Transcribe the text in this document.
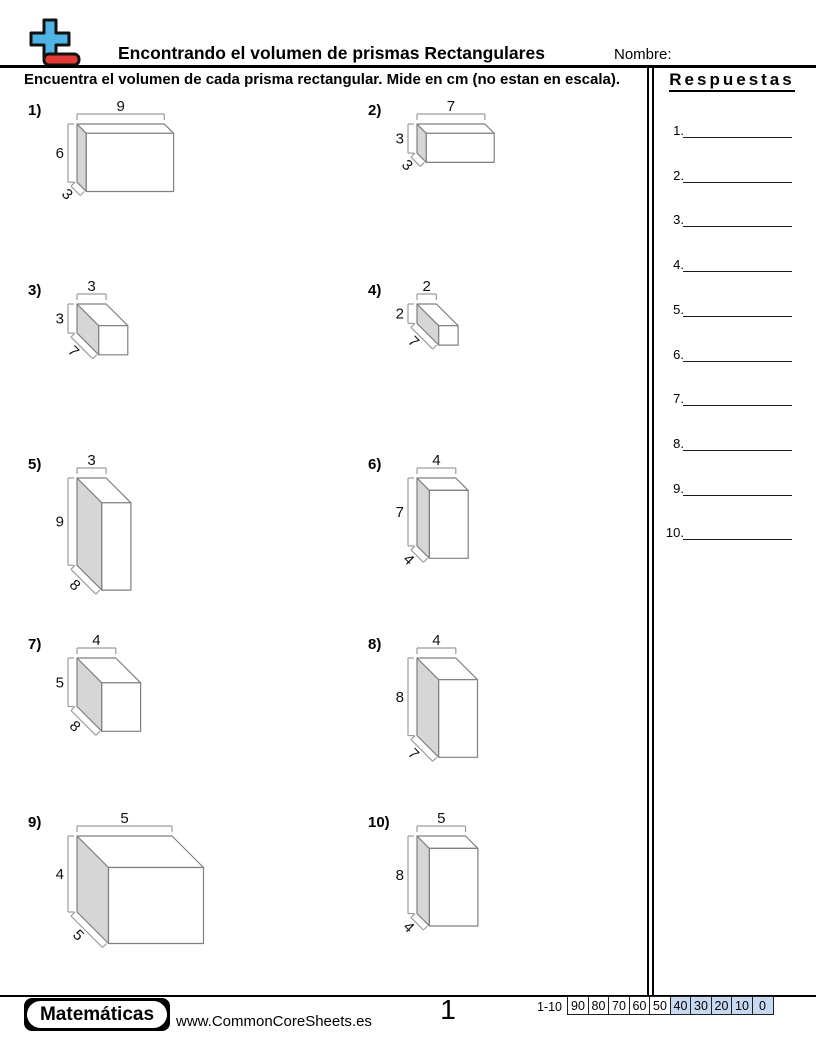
Encontrando el volumen de prismas Rectangulares	Nombre:
Encuentra el volumen de cada prisma rectangular. Mide en cm (no estan en escala).	Respuestas
1.
2.
3.
4.
5.
6.
7.
8.
9.
10.
1)	9
6
3
2)	7
3
3
3)	3
3
7
4)	2
2
7
5)	3
9
8
6)	4
7
4
7)	4
5
8
8)	4
8
7
9)	5
4
5
10)	5
8
4
Matemáticas	www.CommonCoreSheets.es	1	1-10 90 80 70 60 50 40 30 20 10 0
